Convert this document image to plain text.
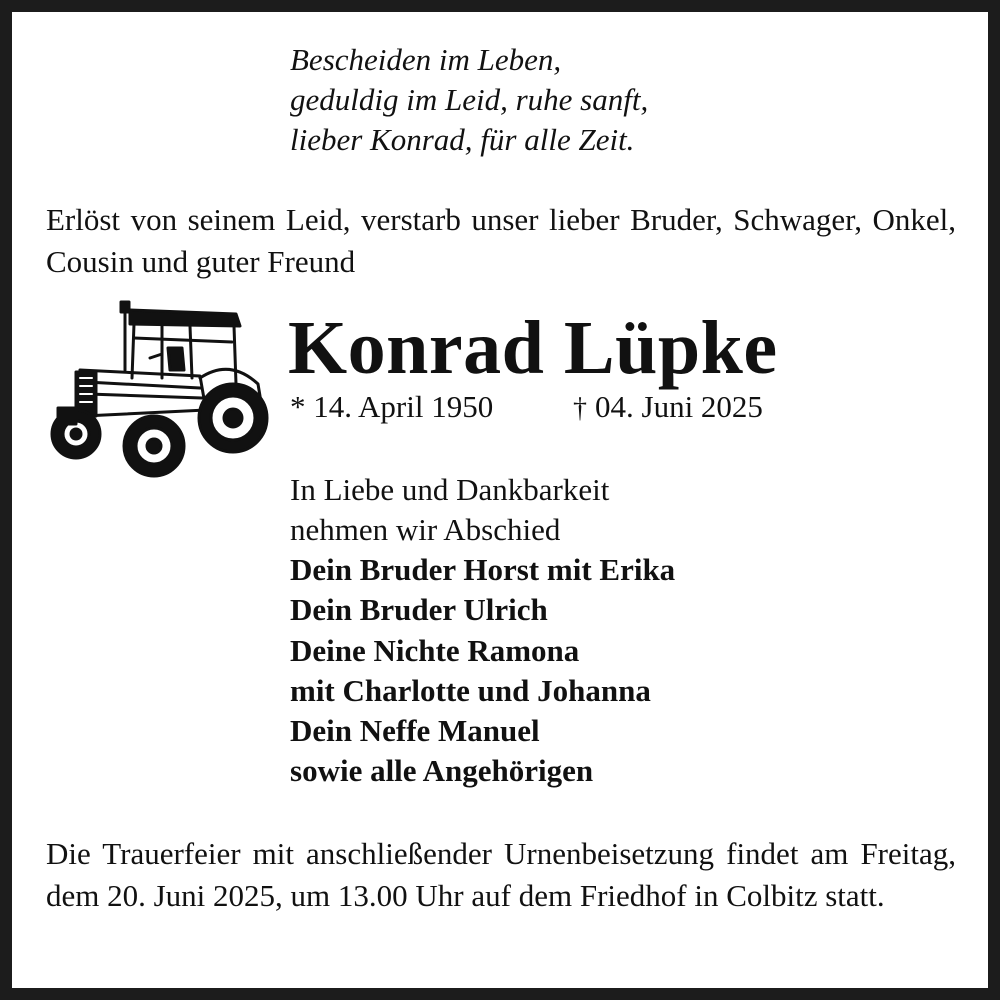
Bescheiden im Leben,
geduldig im Leid, ruhe sanft,
lieber Konrad, für alle Zeit.
Erlöst von seinem Leid, verstarb unser lieber Bruder, Schwager, Onkel, Cousin und guter Freund
Konrad Lüpke
* 14. April 1950	† 04. Juni 2025
In Liebe und Dankbarkeit
nehmen wir Abschied
Dein Bruder Horst mit Erika
Dein Bruder Ulrich
Deine Nichte Ramona
mit Charlotte und Johanna
Dein Neffe Manuel
sowie alle Angehörigen
Die Trauerfeier mit anschließender Urnenbeisetzung findet am Freitag, dem 20. Juni 2025, um 13.00 Uhr auf dem Friedhof in Colbitz statt.
